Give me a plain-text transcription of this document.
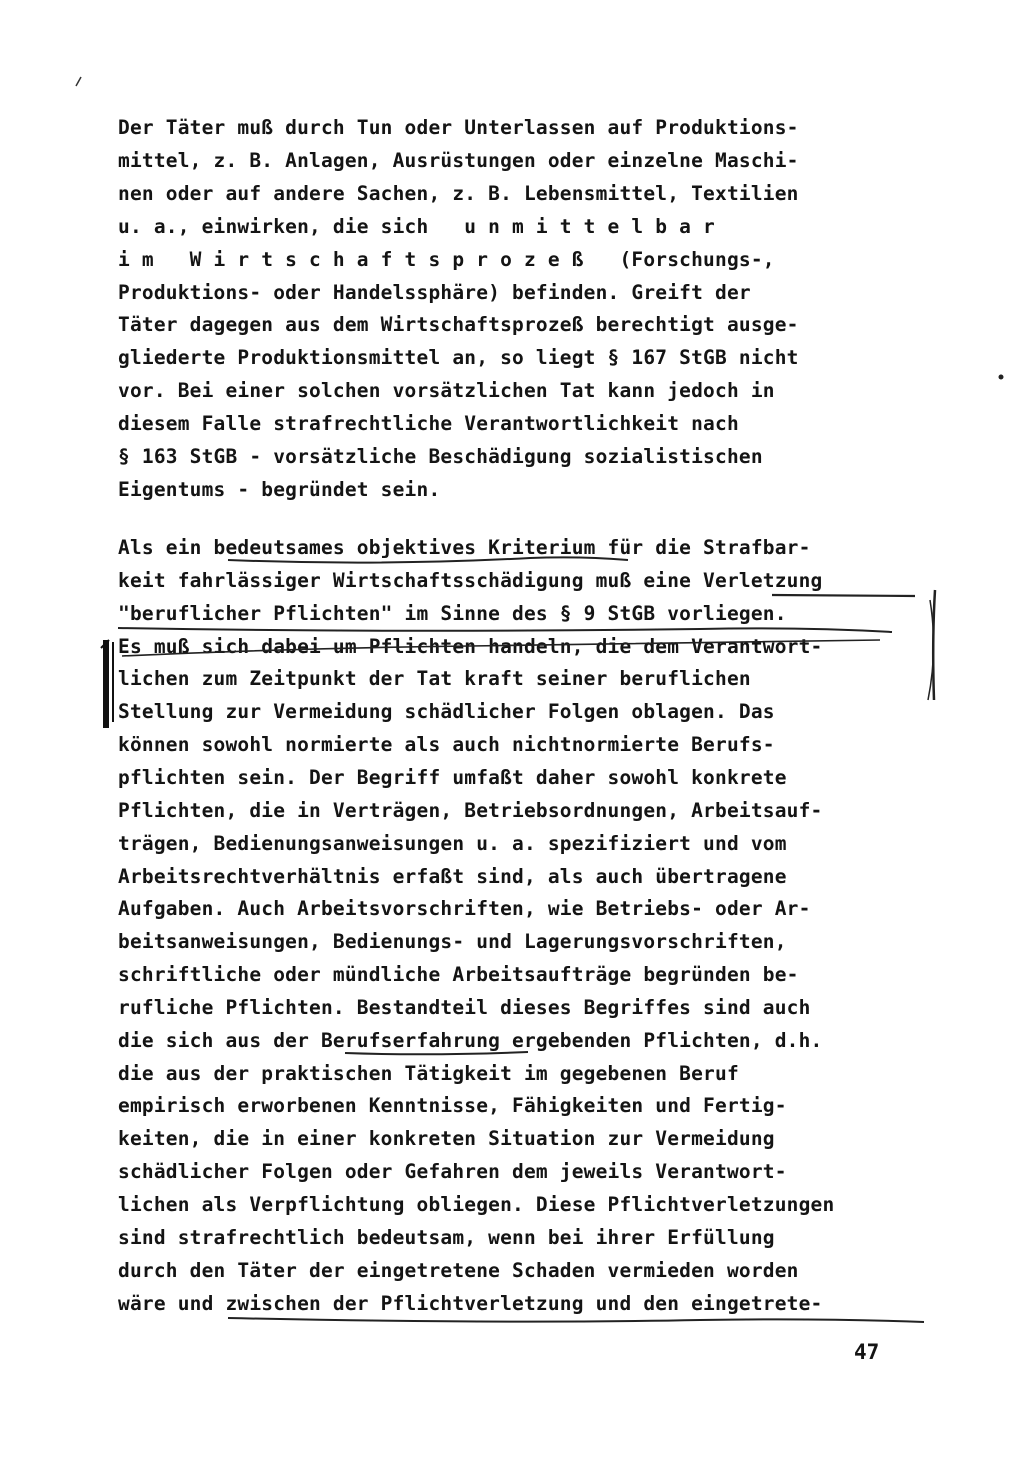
Der Täter muß durch Tun oder Unterlassen auf Produktions-
mittel, z. B. Anlagen, Ausrüstungen oder einzelne Maschi-
nen oder auf andere Sachen, z. B. Lebensmittel, Textilien
u. a., einwirken, die sich   u n m i t t e l b a r
i m   W i r t s c h a f t s p r o z e ß   (Forschungs-,
Produktions- oder Handelssphäre) befinden. Greift der
Täter dagegen aus dem Wirtschaftsprozeß berechtigt ausge-
gliederte Produktionsmittel an, so liegt § 167 StGB nicht
vor. Bei einer solchen vorsätzlichen Tat kann jedoch in
diesem Falle strafrechtliche Verantwortlichkeit nach
§ 163 StGB - vorsätzliche Beschädigung sozialistischen
Eigentums - begründet sein.
Als ein bedeutsames objektives Kriterium für die Strafbar-
keit fahrlässiger Wirtschaftsschädigung muß eine Verletzung
"beruflicher Pflichten" im Sinne des § 9 StGB vorliegen.
Es muß sich dabei um Pflichten handeln, die dem Verantwort-
lichen zum Zeitpunkt der Tat kraft seiner beruflichen
Stellung zur Vermeidung schädlicher Folgen oblagen. Das
können sowohl normierte als auch nichtnormierte Berufs-
pflichten sein. Der Begriff umfaßt daher sowohl konkrete
Pflichten, die in Verträgen, Betriebsordnungen, Arbeitsauf-
trägen, Bedienungsanweisungen u. a. spezifiziert und vom
Arbeitsrechtverhältnis erfaßt sind, als auch übertragene
Aufgaben. Auch Arbeitsvorschriften, wie Betriebs- oder Ar-
beitsanweisungen, Bedienungs- und Lagerungsvorschriften,
schriftliche oder mündliche Arbeitsaufträge begründen be-
rufliche Pflichten. Bestandteil dieses Begriffes sind auch
die sich aus der Berufserfahrung ergebenden Pflichten, d.h.
die aus der praktischen Tätigkeit im gegebenen Beruf
empirisch erworbenen Kenntnisse, Fähigkeiten und Fertig-
keiten, die in einer konkreten Situation zur Vermeidung
schädlicher Folgen oder Gefahren dem jeweils Verantwort-
lichen als Verpflichtung obliegen. Diese Pflichtverletzungen
sind strafrechtlich bedeutsam, wenn bei ihrer Erfüllung
durch den Täter der eingetretene Schaden vermieden worden
wäre und zwischen der Pflichtverletzung und den eingetrete-
47
